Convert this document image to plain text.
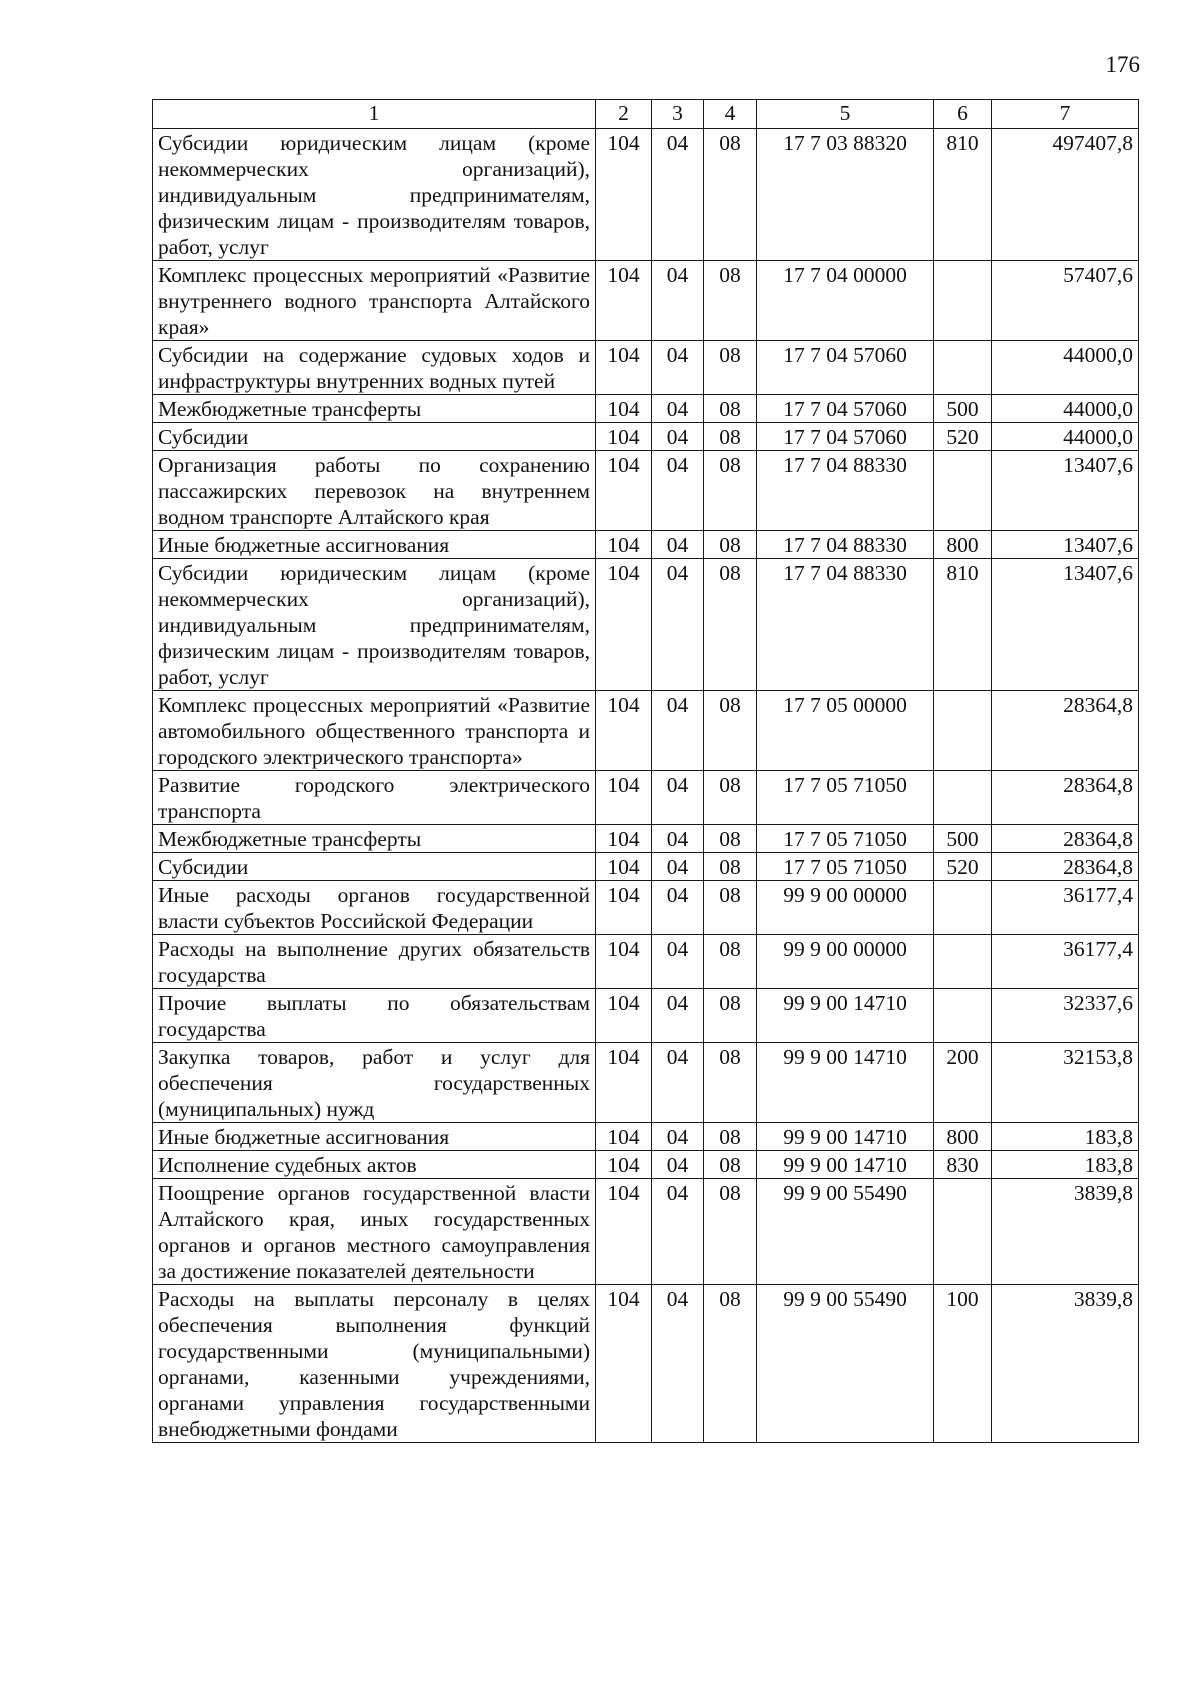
176
1	2	3	4	5	6	7
Субсидии юридическим лицам (кроме некоммерческих организаций), индивидуальным предпринимателям, физическим лицам - производителям товаров, работ, услуг	104	04	08	17 7 03 88320	810	497407,8
Комплекс процессных мероприятий «Развитие внутреннего водного транспорта Алтайского края»	104	04	08	17 7 04 00000		57407,6
Субсидии на содержание судовых ходов и инфраструктуры внутренних водных путей	104	04	08	17 7 04 57060		44000,0
Межбюджетные трансферты	104	04	08	17 7 04 57060	500	44000,0
Субсидии	104	04	08	17 7 04 57060	520	44000,0
Организация работы по сохранению пассажирских перевозок на внутреннем водном транспорте Алтайского края	104	04	08	17 7 04 88330		13407,6
Иные бюджетные ассигнования	104	04	08	17 7 04 88330	800	13407,6
Субсидии юридическим лицам (кроме некоммерческих организаций), индивидуальным предпринимателям, физическим лицам - производителям товаров, работ, услуг	104	04	08	17 7 04 88330	810	13407,6
Комплекс процессных мероприятий «Развитие автомобильного общественного транспорта и городского электрического транспорта»	104	04	08	17 7 05 00000		28364,8
Развитие городского электрического транспорта	104	04	08	17 7 05 71050		28364,8
Межбюджетные трансферты	104	04	08	17 7 05 71050	500	28364,8
Субсидии	104	04	08	17 7 05 71050	520	28364,8
Иные расходы органов государственной власти субъектов Российской Федерации	104	04	08	99 9 00 00000		36177,4
Расходы на выполнение других обязательств государства	104	04	08	99 9 00 00000		36177,4
Прочие выплаты по обязательствам государства	104	04	08	99 9 00 14710		32337,6
Закупка товаров, работ и услуг для обеспечения государственных (муниципальных) нужд	104	04	08	99 9 00 14710	200	32153,8
Иные бюджетные ассигнования	104	04	08	99 9 00 14710	800	183,8
Исполнение судебных актов	104	04	08	99 9 00 14710	830	183,8
Поощрение органов государственной власти Алтайского края, иных государственных органов и органов местного самоуправления за достижение показателей деятельности	104	04	08	99 9 00 55490		3839,8
Расходы на выплаты персоналу в целях обеспечения выполнения функций государственными (муниципальными) органами, казенными учреждениями, органами управления государственными внебюджетными фондами	104	04	08	99 9 00 55490	100	3839,8
